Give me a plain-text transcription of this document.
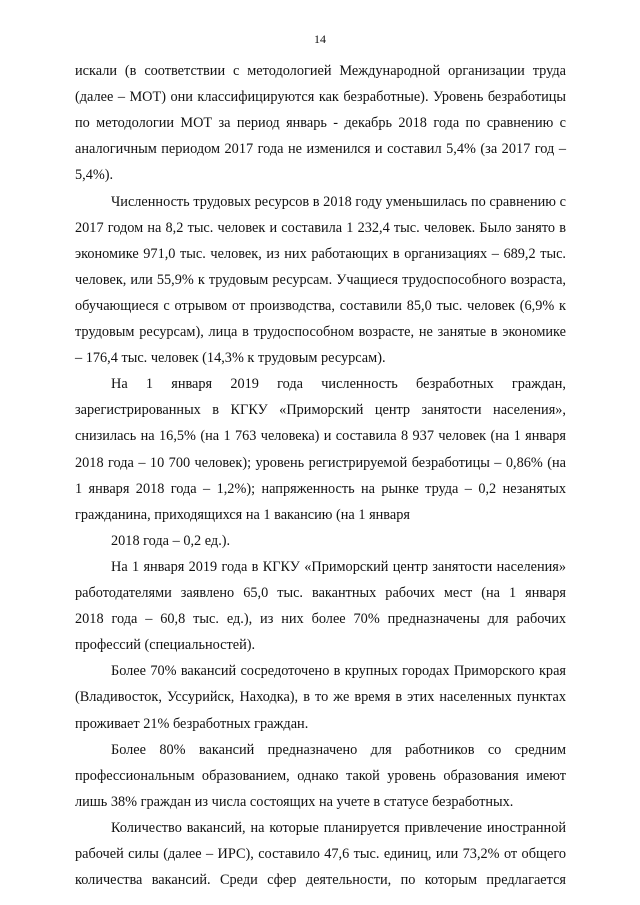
14
искали (в соответствии с методологией Международной организации труда
(далее – МОТ) они классифицируются как безработные). Уровень безработицы
по методологии МОТ за период январь - декабрь 2018 года по сравнению с
аналогичным периодом 2017 года не изменился и составил 5,4% (за 2017 год –
5,4%).
Численность трудовых ресурсов в 2018 году уменьшилась по сравнению с
2017 годом на 8,2 тыс. человек и составила 1 232,4 тыс. человек. Было занято в
экономике 971,0 тыс. человек, из них работающих в организациях – 689,2 тыс.
человек, или 55,9% к трудовым ресурсам. Учащиеся трудоспособного возраста,
обучающиеся с отрывом от производства, составили 85,0 тыс. человек (6,9% к
трудовым ресурсам), лица в трудоспособном возрасте, не занятые в экономике
– 176,4 тыс. человек (14,3% к трудовым ресурсам).
На 1 января 2019 года численность безработных граждан,
зарегистрированных в КГКУ «Приморский центр занятости населения»,
снизилась на 16,5% (на 1 763 человека) и составила 8 937 человек (на 1 января
2018 года – 10 700 человек); уровень регистрируемой безработицы – 0,86% (на
1 января 2018 года – 1,2%); напряженность на рынке труда – 0,2 незанятых
гражданина, приходящихся на 1 вакансию (на 1 января
2018 года – 0,2 ед.).
На 1 января 2019 года в КГКУ «Приморский центр занятости населения»
работодателями заявлено 65,0 тыс. вакантных рабочих мест (на 1 января
2018 года – 60,8 тыс. ед.), из них более 70% предназначены для рабочих
профессий (специальностей).
Более 70% вакансий сосредоточено в крупных городах Приморского края
(Владивосток, Уссурийск, Находка), в то же время в этих населенных пунктах
проживает 21% безработных граждан.
Более 80% вакансий предназначено для работников со средним
профессиональным образованием, однако такой уровень образования имеют
лишь 38% граждан из числа состоящих на учете в статусе безработных.
Количество вакансий, на которые планируется привлечение иностранной
рабочей силы (далее – ИРС), составило 47,6 тыс. единиц, или 73,2% от общего
количества вакансий. Среди сфер деятельности, по которым предлагается
